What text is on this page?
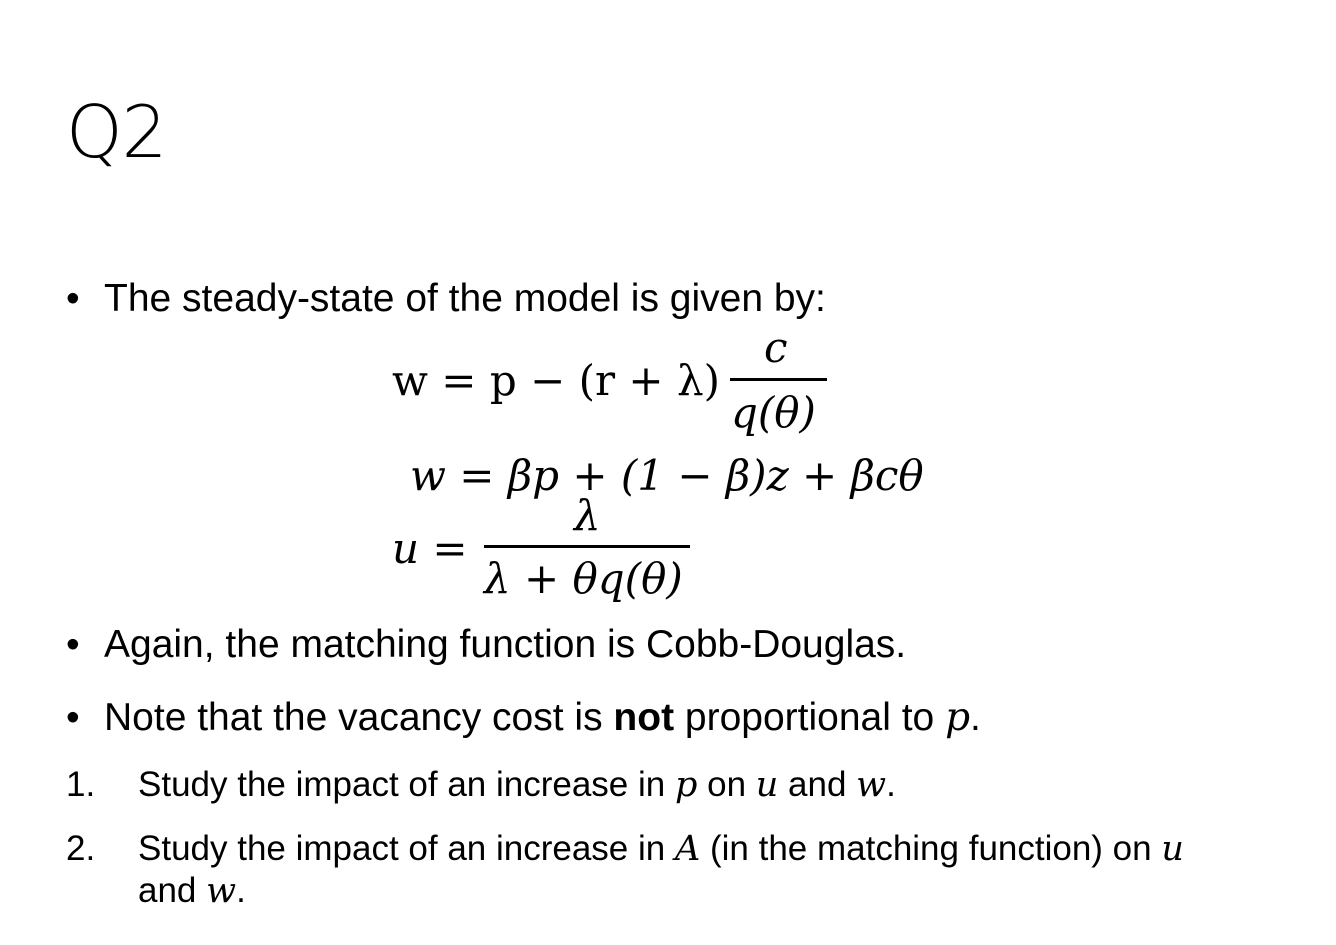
Q2
• The steady-state of the model is given by:
w = p − (r + λ)
c
q(θ)
w = βp + (1 − β)z + βcθ
u =
λ
λ + θq(θ)
• Again, the matching function is Cobb-Douglas.
• Note that the vacancy cost is not proportional to p.
1.	Study the impact of an increase in p on u and w.
2.	Study the impact of an increase in A (in the matching function) on u
and w.
